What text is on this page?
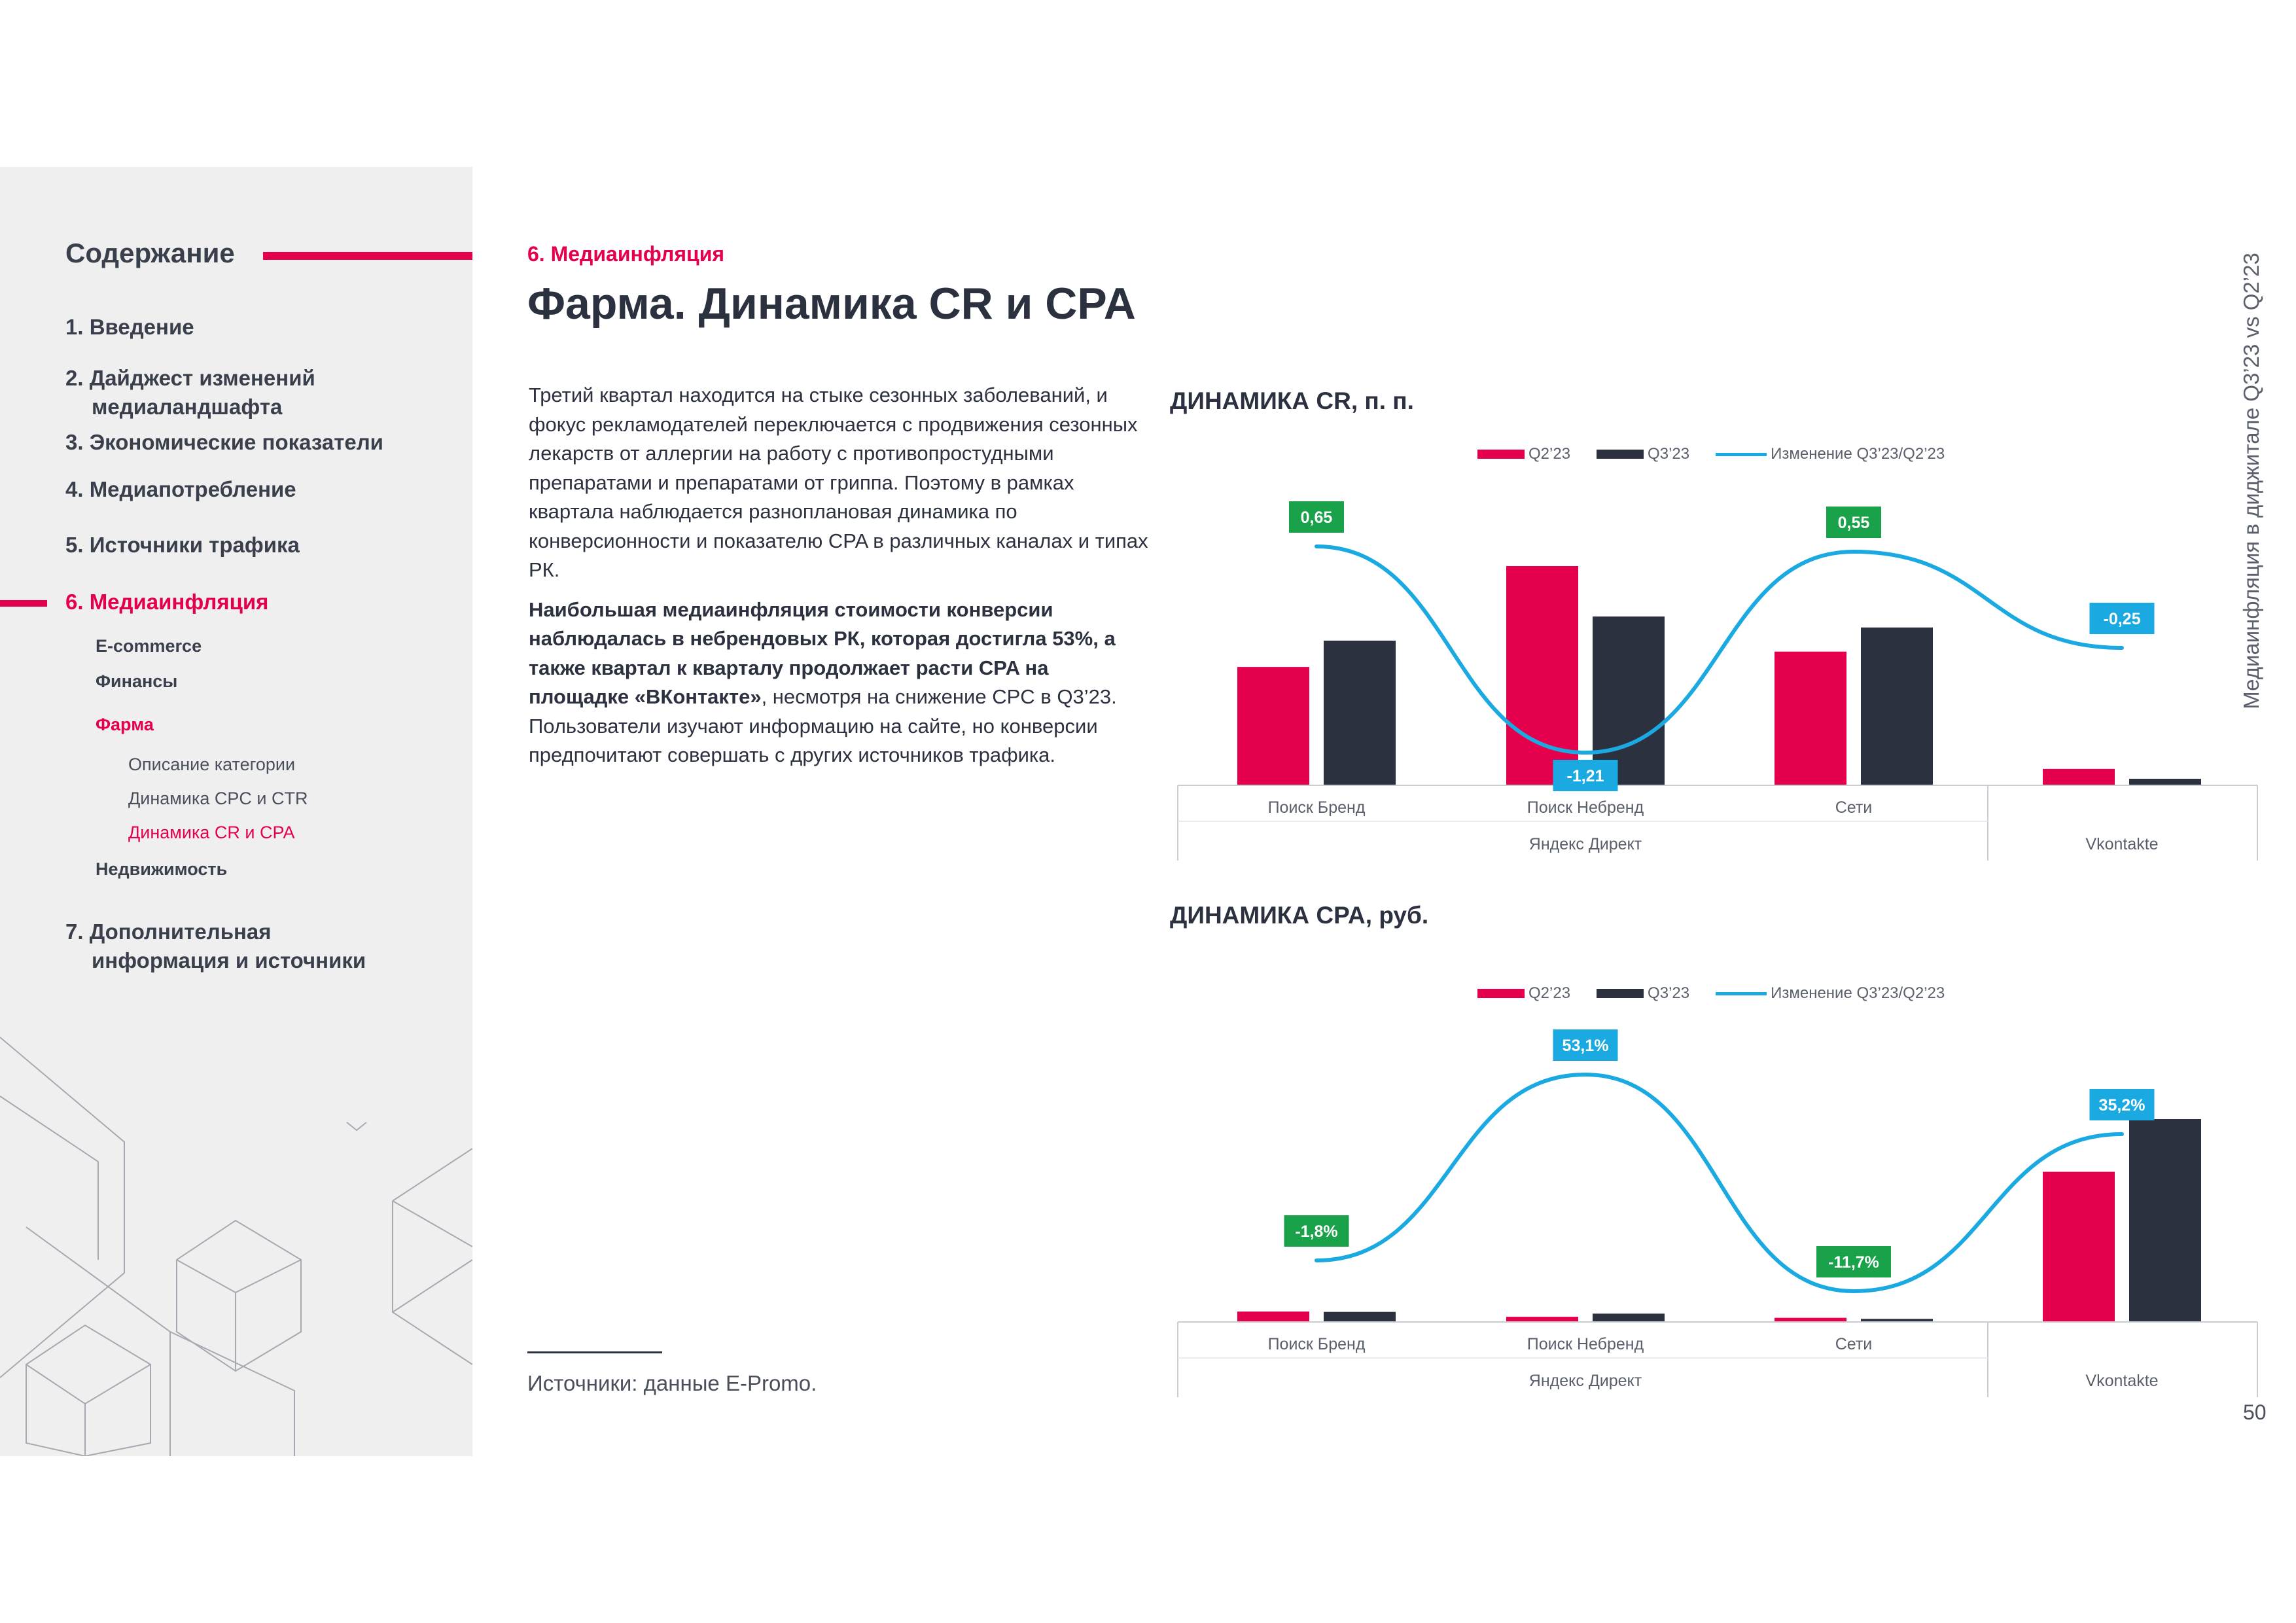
Содержание
1. Введение
2. Дайджест изменений
медиаландшафта
3. Экономические показатели
4. Медиапотребление
5. Источники трафика
6. Медиаинфляция
E-commerce
Финансы
Фарма
Описание категории
Динамика CPC и CTR
Динамика CR и CPA
Недвижимость
7. Дополнительная
информация и источники
6. Медиаинфляция
Фарма. Динамика CR и CPA

Третий квартал находится на стыке сезонных заболеваний, и фокус рекламодателей переключается с продвижения сезонных лекарств от аллергии на работу с противопростудными препаратами и препаратами от гриппа. Поэтому в рамках квартала наблюдается разноплановая динамика по конверсионности и показателю CPA в различных каналах и типах РК.

Наибольшая медиаинфляция стоимости конверсии наблюдалась в небрендовых РК, которая достигла 53%, а также квартал к кварталу продолжает расти CPA на площадке «ВКонтакте», несмотря на снижение CPC в Q3’23. Пользователи изучают информацию на сайте, но конверсии предпочитают совершать с других источников трафика.

Источники: данные E-Promo.
Медиаинфляция в диджитале Q3’23 vs Q2’23
50
ДИНАМИКА CR, п. п.
Q2’23	Q3’23	Изменение Q3’23/Q2’23
Поиск Бренд	Поиск Небренд	Сети
Яндекс Директ	Vkontakte
0,65
-1,21
0,55
-0,25
ДИНАМИКА CPA, руб.
Q2’23	Q3’23	Изменение Q3’23/Q2’23
Поиск Бренд	Поиск Небренд	Сети
Яндекс Директ	Vkontakte
-1,8%
53,1%
-11,7%
35,2%
